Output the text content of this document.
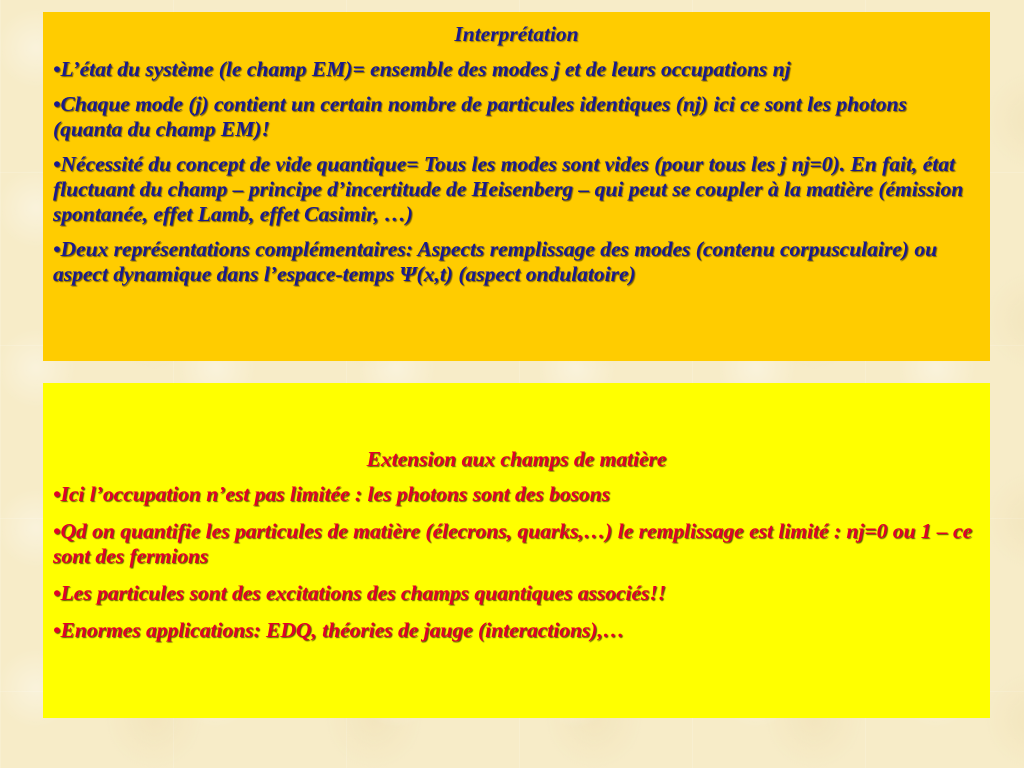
Interprétation

•L’état du système (le champ EM)= ensemble des modes j et de leurs occupations nj

•Chaque mode (j) contient un certain nombre de particules identiques (nj) ici ce sont les photons (quanta du champ EM)!

•Nécessité du concept de vide quantique= Tous les modes sont vides (pour tous les j nj=0). En fait, état fluctuant du champ – principe d’incertitude de Heisenberg – qui peut se coupler à la matière (émission spontanée, effet Lamb, effet Casimir, …)

•Deux représentations complémentaires: Aspects remplissage des modes (contenu corpusculaire) ou aspect dynamique dans l’espace-temps Ψ(x,t) (aspect ondulatoire)

Extension aux champs de matière

•Ici l’occupation n’est pas limitée : les photons sont des bosons

•Qd on quantifie les particules de matière (élecrons, quarks,…) le remplissage est limité : nj=0 ou 1 – ce sont des fermions

•Les particules sont des excitations des champs quantiques associés!!

•Enormes applications: EDQ, théories de jauge (interactions),…
